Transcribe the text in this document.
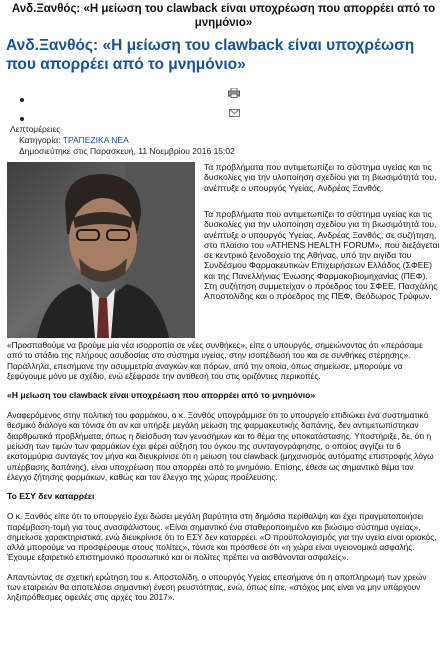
Ανδ.Ξανθός: «Η μείωση του clawback είναι υποχρέωση που απορρέει από το μνημόνιο»
Ανδ.Ξανθός: «Η μείωση του clawback είναι υποχρέωση που απορρέει από το μνημόνιο»
Λεπτομέρειες
Κατηγορία: ΤΡΑΠΕΖΙΚΑ ΝΕΑ
Δημοσιεύτηκε στις Παρασκευή, 11 Νοεμβρίου 2016 15:02

Τα προβλήματα που αντιμετωπίζει το σύστημα υγείας και τις δυσκολίες για την υλοποίηση σχεδίου για τη βιωσιμότητά του, ανέπτυξε ο υπουργός Υγείας, Ανδρέας Ξανθός.

Τα προβλήματα που αντιμετωπίζει το σύστημα υγείας και τις δυσκολίες για την υλοποίηση σχεδίου για τη βιωσιμότητά του, ανέπτυξε ο υπουργός Υγείας, Ανδρέας Ξανθός, σε συζήτηση, στο πλαίσιο του «ATHENS HEALTH FORUM», που διεξάγεται σε κεντρικό ξενοδοχείο της Αθήνας, υπό την αιγίδα του Συνδέσμου Φαρμακευτικών Επιχειρήσεων Ελλάδος (ΣΦΕΕ) και της Πανελλήνιας Ένωσης Φαρμακοβιομηχανίας (ΠΕΦ). Στη συζήτηση συμμετείχαν ο πρόεδρος του ΣΦΕΕ, Πασχάλης Αποστολίδης και ο πρόεδρος της ΠΕΦ, Θεόδωρος Τρύφων.

«Προσπαθούμε να βρούμε μία νέα ισορροπία σε νέες συνθήκες», είπε ο υπουργός, σημειώνοντας ότι «περάσαμε από το στάδιο της πλήρους ασυδοσίας στο σύστημα υγείας, στην ισοπέδωσή του και σε συνθήκες στέρησης». Παράλληλα, επεσήμανε την ασυμμετρία αναγκών και πόρων, από την οποία, όπως σημείωσε, μπορούμε να ξεφύγουμε μόνο με σχέδιο, ενώ εξέφρασε την αντίθεσή του στις οριζόντιες περικοπές.

«Η μείωση του clawback είναι υποχρέωση που απορρέει από το μνημόνιο»

Αναφερόμενος στην πολιτική του φαρμάκου, ο κ. Ξανθός υπογράμμισε ότι το υπουργείο επιδιώκει ένα συστηματικό θεσμικό διάλογο και τόνισε ότι αν και υπήρξε μεγάλη μείωση της φαρμακευτικής δαπάνης, δεν αντιμετωπίστηκαν διαρθρωτικά προβλήματα, όπως η διείσδυση των γενοσήμων και το θέμα της υποκατάστασης. Υποστήριξε, δε, ότι η μείωση των τιμών των φαρμάκων έχει φέρει αύξηση του όγκου της συνταγογράφησης, ο οποίος αγγίζει τα 6 εκατομμύρια συνταγές τον μήνα και διευκρίνισε ότι η μείωση του clawback (μηχανισμός αυτόματης επιστροφής λόγω υπέρβασης δαπάνης), είναι υποχρέωση που απορρέει από το μνημόνιο. Επίσης, έθεσε ως σημαντικό θέμα τον έλεγχο ζήτησης φαρμάκων, καθώς και τον έλεγχο της χώρας προέλευσης.

Το ΕΣΥ δεν καταρρέει

Ο κ. Ξανθός είπε ότι το υπουργείο έχει δώσει μεγάλη βαρύτητα στη δημόσια περίθαλψη και έχει πραγματοποιήσει παρέμβαση-τομή για τους ανασφάλιστους. «Είναι σημαντικό ένα σταθεροποιημένο και βιώσιμο σύστημα υγείας», σημείωσε χαρακτηριστικά, ενώ διευκρίνισε ότι το ΕΣΥ δεν καταρρέει. «Ο προϋπολογισμός για την υγεία είναι οριακός, αλλά μπορούμε να προσφέρουμε στους πολίτες», τόνισε και πρόσθεσε ότι «η χώρα είναι υγειονομικά ασφαλής. Έχουμε εξαιρετικό επιστημονικό προσωπικό και οι πολίτες πρέπει να αισθάνονται ασφαλείς».

Απαντώντας σε σχετική ερώτηση του κ. Αποστολίδη, ο υπουργός Υγείας επεσήμανε ότι η αποπληρωμή των χρεών των εταιρειών θα αποτελέσει σημαντική ένεση ρευστότητας, ενώ, όπως είπε, «στόχος μας είναι να μην υπάρχουν ληξιπρόθεσμες οφειλές στις αρχές του 2017».
